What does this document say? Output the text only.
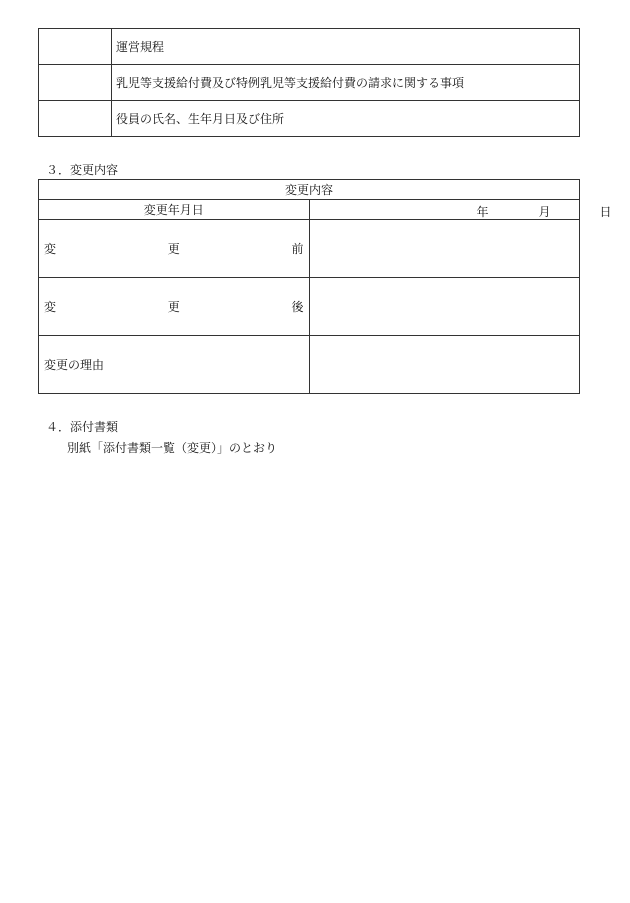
	運営規程
	乳児等支援給付費及び特例乳児等支援給付費の請求に関する事項
	役員の氏名、生年月日及び住所
３．変更内容
変更内容	
変更年月日	年 月 日

変 更 前	

変 更 後	

変更の理由	

４．添付書類
別紙「添付書類一覧（変更）」のとおり
